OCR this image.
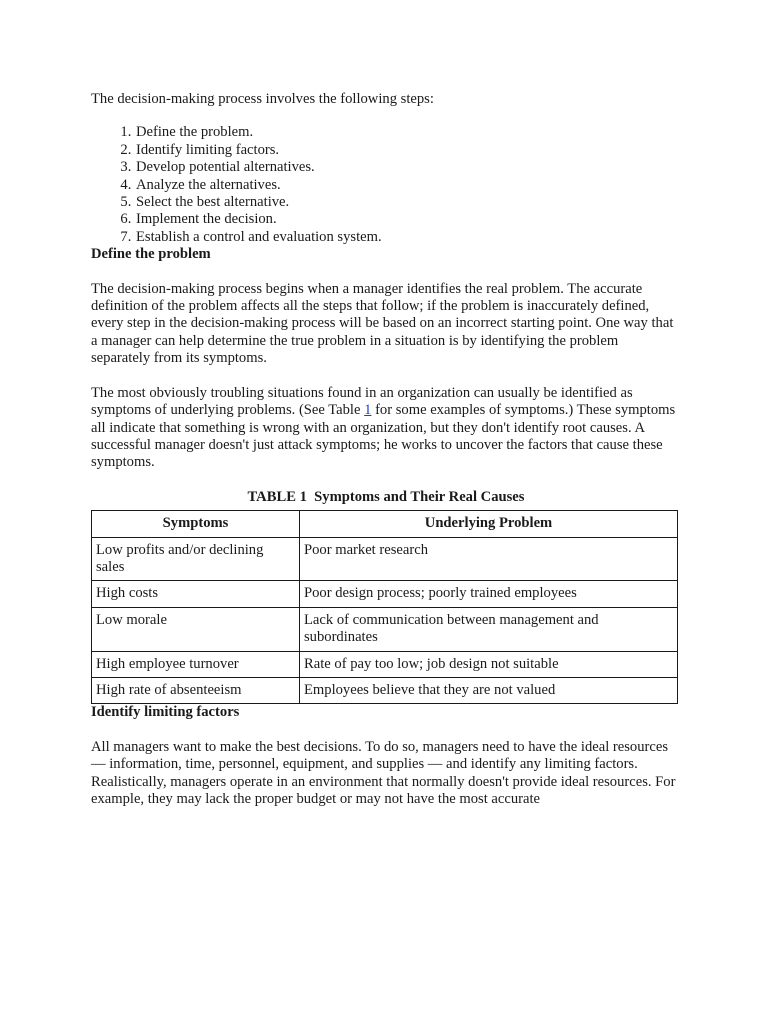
The decision-making process involves the following steps:

1. Define the problem.
2. Identify limiting factors.
3. Develop potential alternatives.
4. Analyze the alternatives.
5. Select the best alternative.
6. Implement the decision.
7. Establish a control and evaluation system.
Define the problem

The decision-making process begins when a manager identifies the real problem. The accurate definition of the problem affects all the steps that follow; if the problem is inaccurately defined, every step in the decision-making process will be based on an incorrect starting point. One way that a manager can help determine the true problem in a situation is by identifying the problem separately from its symptoms.

The most obviously troubling situations found in an organization can usually be identified as symptoms of underlying problems. (See Table 1 for some examples of symptoms.) These symptoms all indicate that something is wrong with an organization, but they don't identify root causes. A successful manager doesn't just attack symptoms; he works to uncover the factors that cause these symptoms.

TABLE 1  Symptoms and Their Real Causes
Symptoms	Underlying Problem
Low profits and/or declining sales	Poor market research
High costs	Poor design process; poorly trained employees
Low morale	Lack of communication between management and subordinates
High employee turnover	Rate of pay too low; job design not suitable
High rate of absenteeism	Employees believe that they are not valued
Identify limiting factors

All managers want to make the best decisions. To do so, managers need to have the ideal resources — information, time, personnel, equipment, and supplies — and identify any limiting factors. Realistically, managers operate in an environment that normally doesn't provide ideal resources. For example, they may lack the proper budget or may not have the most accurate
